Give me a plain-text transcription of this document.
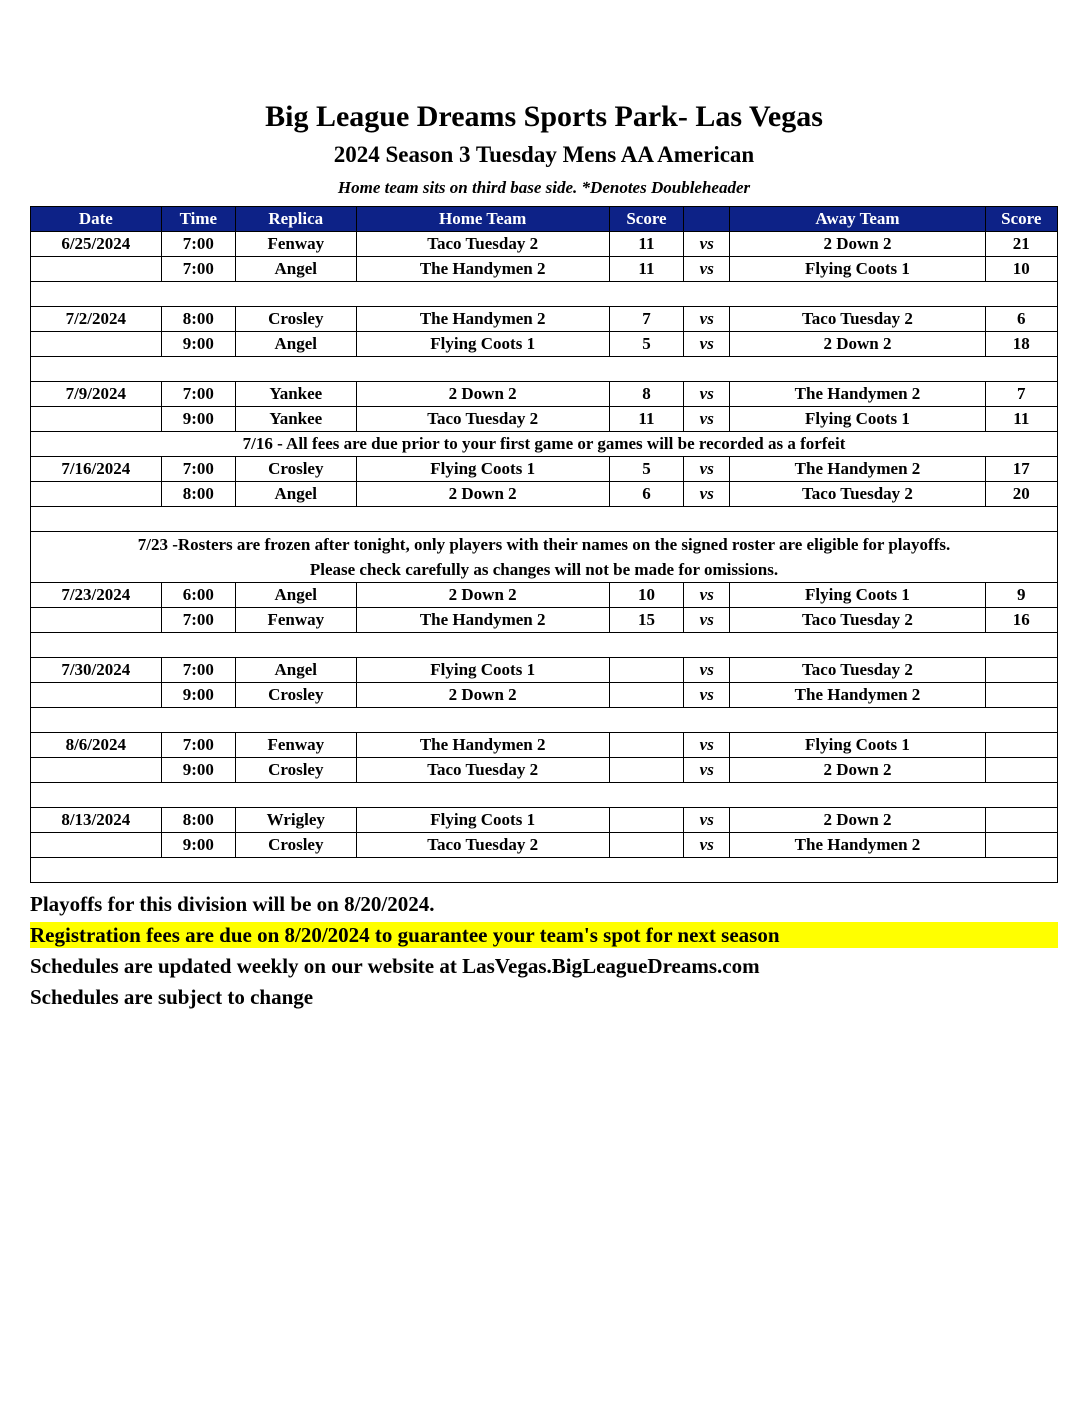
Big League Dreams Sports Park- Las Vegas
2024 Season 3 Tuesday Mens AA American
Home team sits on third base side. *Denotes Doubleheader
Date	Time	Replica	Home Team	Score		Away Team	Score
6/25/2024	7:00	Fenway	Taco Tuesday 2	11	vs	2 Down 2	21
	7:00	Angel	The Handymen 2	11	vs	Flying Coots 1	10

7/2/2024	8:00	Crosley	The Handymen 2	7	vs	Taco Tuesday 2	6
	9:00	Angel	Flying Coots 1	5	vs	2 Down 2	18

7/9/2024	7:00	Yankee	2 Down 2	8	vs	The Handymen 2	7
	9:00	Yankee	Taco Tuesday 2	11	vs	Flying Coots 1	11
7/16 - All fees are due prior to your first game or games will be recorded as a forfeit							
7/16/2024	7:00	Crosley	Flying Coots 1	5	vs	The Handymen 2	17
	8:00	Angel	2 Down 2	6	vs	Taco Tuesday 2	20

7/23 -Rosters are frozen after tonight, only players with their names on the signed roster are eligible for playoffs.
Please check carefully as changes will not be made for omissions.							

7/23/2024	6:00	Angel	2 Down 2	10	vs	Flying Coots 1	9
	7:00	Fenway	The Handymen 2	15	vs	Taco Tuesday 2	16

7/30/2024	7:00	Angel	Flying Coots 1		vs	Taco Tuesday 2	
	9:00	Crosley	2 Down 2		vs	The Handymen 2	

8/6/2024	7:00	Fenway	The Handymen 2		vs	Flying Coots 1	
	9:00	Crosley	Taco Tuesday 2		vs	2 Down 2	

8/13/2024	8:00	Wrigley	Flying Coots 1		vs	2 Down 2	
	9:00	Crosley	Taco Tuesday 2		vs	The Handymen 2	

Playoffs for this division will be on 8/20/2024.
Registration fees are due on 8/20/2024 to guarantee your team's spot for next season
Schedules are updated weekly on our website at LasVegas.BigLeagueDreams.com
Schedules are subject to change
